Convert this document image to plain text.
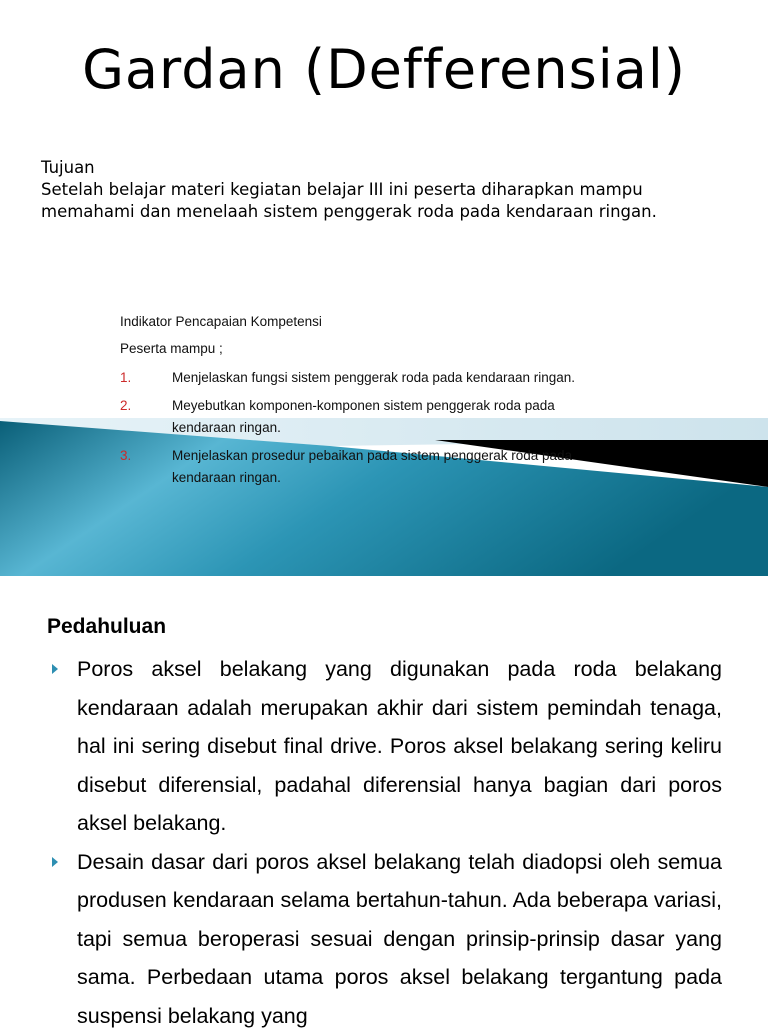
Gardan (Defferensial)
Tujuan
Setelah belajar materi kegiatan belajar III ini peserta diharapkan mampu
memahami dan menelaah sistem penggerak roda pada kendaraan ringan.
Indikator Pencapaian Kompetensi
Peserta mampu ;
1.	Menjelaskan fungsi sistem penggerak roda pada kendaraan ringan.
2.	Meyebutkan komponen-komponen sistem penggerak roda pada kendaraan ringan.
3.	Menjelaskan prosedur pebaikan pada sistem penggerak roda pada kendaraan ringan.
Pedahuluan
Poros aksel belakang yang digunakan pada roda belakang kendaraan adalah merupakan akhir dari sistem pemindah tenaga, hal ini sering disebut final drive. Poros aksel belakang sering keliru disebut diferensial, padahal diferensial hanya bagian dari poros aksel belakang.
Desain dasar dari poros aksel belakang telah diadopsi oleh semua produsen kendaraan selama bertahun-tahun. Ada beberapa variasi, tapi semua beroperasi sesuai dengan prinsip-prinsip dasar yang sama. Perbedaan utama poros aksel belakang tergantung pada suspensi belakang yang
